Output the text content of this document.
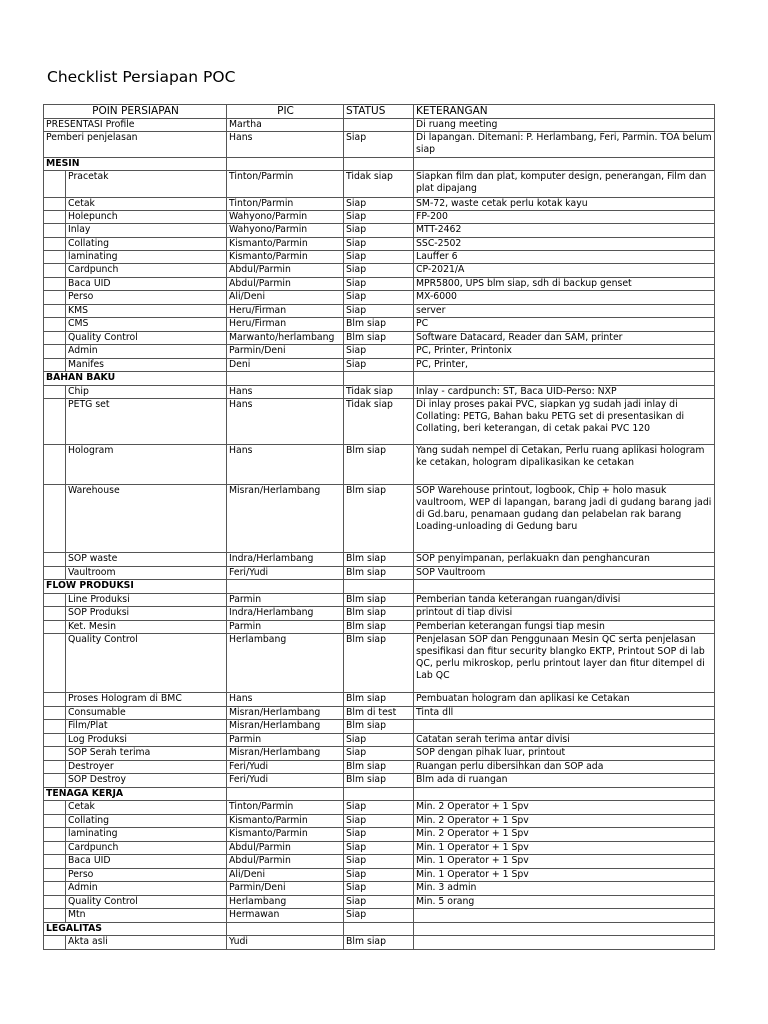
Checklist Persiapan POC
POIN PERSIAPAN		PIC	STATUS	KETERANGAN
PRESENTASI Profile		Martha		Di ruang meeting
Pemberi penjelasan		Hans	Siap	Di lapangan. Ditemani: P. Herlambang, Feri, Parmin. TOA belum siap
MESIN				
	Pracetak	Tinton/Parmin	Tidak siap	Siapkan film dan plat, komputer design, penerangan, Film dan plat dipajang
	Cetak	Tinton/Parmin	Siap	SM-72, waste cetak perlu kotak kayu
	Holepunch	Wahyono/Parmin	Siap	FP-200
	Inlay	Wahyono/Parmin	Siap	MTT-2462
	Collating	Kismanto/Parmin	Siap	SSC-2502
	laminating	Kismanto/Parmin	Siap	Lauffer 6
	Cardpunch	Abdul/Parmin	Siap	CP-2021/A
	Baca UID	Abdul/Parmin	Siap	MPR5800, UPS blm siap, sdh di backup genset
	Perso	Ali/Deni	Siap	MX-6000
	KMS	Heru/Firman	Siap	server
	CMS	Heru/Firman	Blm siap	PC
	Quality Control	Marwanto/herlambang	Blm siap	Software Datacard, Reader dan SAM, printer
	Admin	Parmin/Deni	Siap	PC, Printer, Printonix
	Manifes	Deni	Siap	PC, Printer,
BAHAN BAKU				
	Chip	Hans	Tidak siap	Inlay - cardpunch: ST, Baca UID-Perso: NXP
	PETG set	Hans	Tidak siap	Di inlay proses pakai PVC, siapkan yg sudah jadi inlay di Collating: PETG, Bahan baku PETG set di presentasikan di Collating, beri keterangan, di cetak pakai PVC 120
	Hologram	Hans	Blm siap	Yang sudah nempel di Cetakan, Perlu ruang aplikasi hologram ke cetakan, hologram dipalikasikan ke cetakan
	Warehouse	Misran/Herlambang	Blm siap	SOP Warehouse printout, logbook, Chip + holo masuk vaultroom, WEP di lapangan, barang jadi di gudang barang jadi di Gd.baru, penamaan gudang dan pelabelan rak barang Loading-unloading di Gedung baru
	SOP waste	Indra/Herlambang	Blm siap	SOP penyimpanan, perlakuakn dan penghancuran
	Vaultroom	Feri/Yudi	Blm siap	SOP Vaultroom
FLOW PRODUKSI				
	Line Produksi	Parmin	Blm siap	Pemberian tanda keterangan ruangan/divisi
	SOP Produksi	Indra/Herlambang	Blm siap	printout di tiap divisi
	Ket. Mesin	Parmin	Blm siap	Pemberian keterangan fungsi tiap mesin
	Quality Control	Herlambang	Blm siap	Penjelasan SOP dan Penggunaan Mesin QC serta penjelasan spesifikasi dan fitur security blangko EKTP, Printout SOP di lab QC, perlu mikroskop, perlu printout layer dan fitur ditempel di Lab QC
	Proses Hologram di BMC	Hans	Blm siap	Pembuatan hologram dan aplikasi ke Cetakan
	Consumable	Misran/Herlambang	Blm di test	Tinta dll
	Film/Plat	Misran/Herlambang	Blm siap	
	Log Produksi	Parmin	Siap	Catatan serah terima antar divisi
	SOP Serah terima	Misran/Herlambang	Siap	SOP dengan pihak luar, printout
	Destroyer	Feri/Yudi	Blm siap	Ruangan perlu dibersihkan dan SOP ada
	SOP Destroy	Feri/Yudi	Blm siap	Blm ada di ruangan
TENAGA KERJA				
	Cetak	Tinton/Parmin	Siap	Min. 2 Operator + 1 Spv
	Collating	Kismanto/Parmin	Siap	Min. 2 Operator + 1 Spv
	laminating	Kismanto/Parmin	Siap	Min. 2 Operator + 1 Spv
	Cardpunch	Abdul/Parmin	Siap	Min. 1 Operator + 1 Spv
	Baca UID	Abdul/Parmin	Siap	Min. 1 Operator + 1 Spv
	Perso	Ali/Deni	Siap	Min. 1 Operator + 1 Spv
	Admin	Parmin/Deni	Siap	Min. 3 admin
	Quality Control	Herlambang	Siap	Min. 5 orang
	Mtn	Hermawan	Siap	
LEGALITAS				
	Akta asli	Yudi	Blm siap	
